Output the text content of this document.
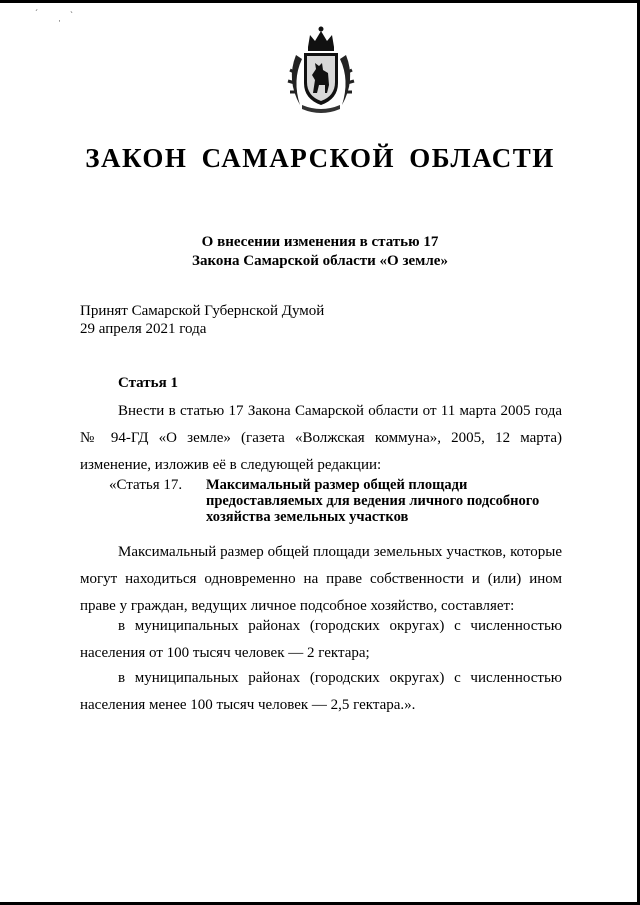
ˊ
·
ˋ
ЗАКОН САМАРСКОЙ ОБЛАСТИ
О внесении изменения в статью 17
Закона Самарской области «О земле»
Принят Самарской Губернской Думой
29 апреля 2021 года
Статья 1

Внести в статью 17 Закона Самарской области от 11 марта 2005 года № 94-ГД «О земле» (газета «Волжская коммуна», 2005, 12 марта) изменение, изложив её в следующей редакции:

«Статья 17. Максимальный размер общей площади предоставляемых для ведения личного подсобного хозяйства земельных участков

Максимальный размер общей площади земельных участков, которые могут находиться одновременно на праве собственности и (или) ином праве у граждан, ведущих личное подсобное хозяйство, составляет:

в муниципальных районах (городских округах) с численностью населения от 100 тысяч человек — 2 гектара;

в муниципальных районах (городских округах) с численностью населения менее 100 тысяч человек — 2,5 гектара.».
